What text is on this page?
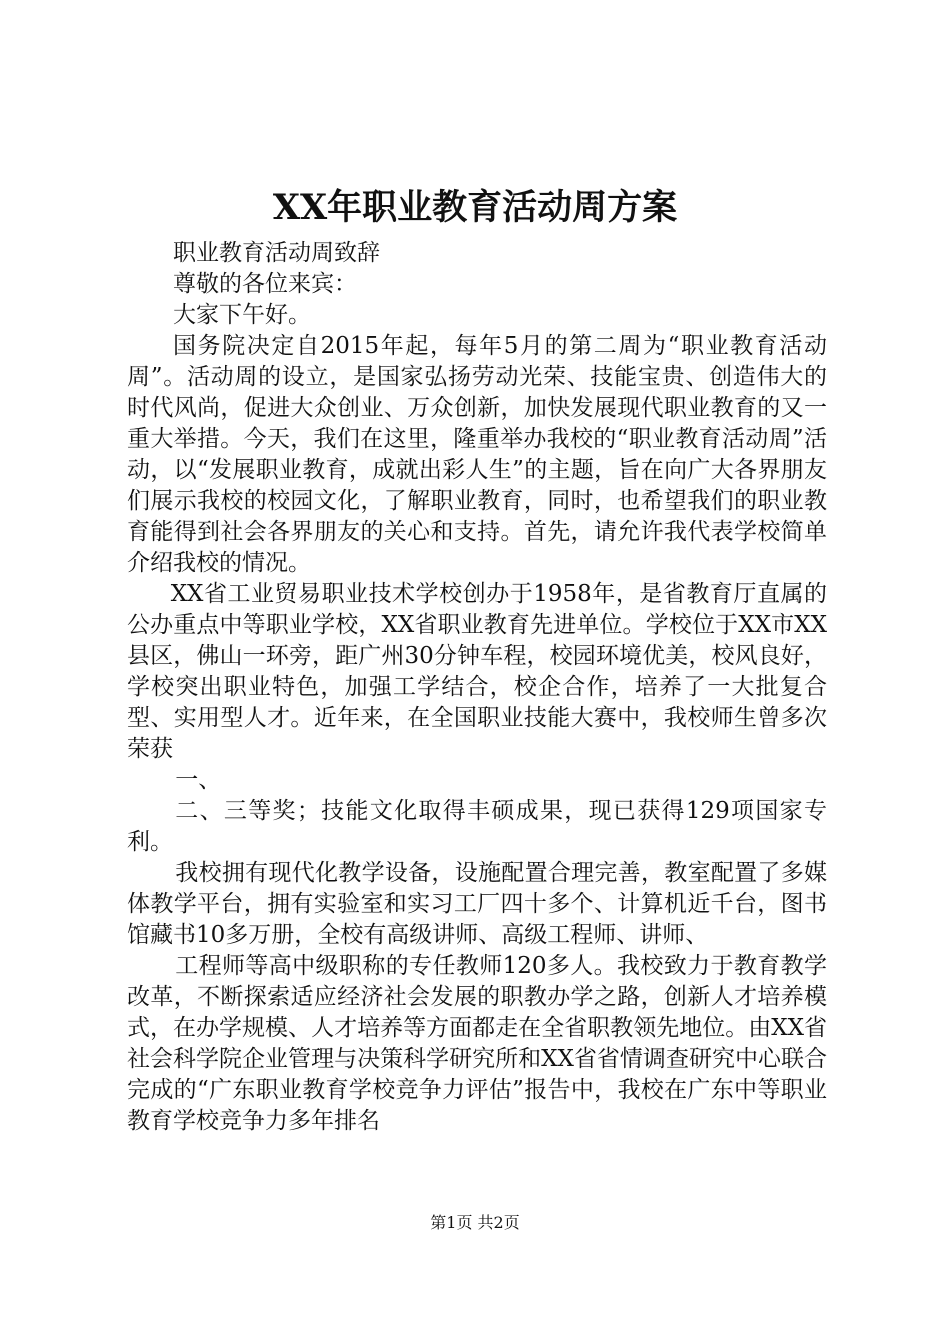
XX年职业教育活动周方案

职业教育活动周致辞

尊敬的各位来宾：

大家下午好。

国务院决定自2015年起，每年5月的第二周为“职业教育活动周”。活动周的设立，是国家弘扬劳动光荣、技能宝贵、创造伟大的时代风尚，促进大众创业、万众创新，加快发展现代职业教育的又一重大举措。今天，我们在这里，隆重举办我校的“职业教育活动周”活动，以“发展职业教育，成就出彩人生”的主题，旨在向广大各界朋友们展示我校的校园文化，了解职业教育，同时，也希望我们的职业教育能得到社会各界朋友的关心和支持。首先，请允许我代表学校简单介绍我校的情况。

XX省工业贸易职业技术学校创办于1958年，是省教育厅直属的公办重点中等职业学校，XX省职业教育先进单位。学校位于XX市XX县区，佛山一环旁，距广州30分钟车程，校园环境优美，校风良好，学校突出职业特色，加强工学结合，校企合作，培养了一大批复合型、实用型人才。近年来，在全国职业技能大赛中，我校师生曾多次荣获

一、

二、三等奖；技能文化取得丰硕成果，现已获得129项国家专利。

我校拥有现代化教学设备，设施配置合理完善，教室配置了多媒体教学平台，拥有实验室和实习工厂四十多个、计算机近千台，图书馆藏书10多万册，全校有高级讲师、高级工程师、讲师、

工程师等高中级职称的专任教师120多人。我校致力于教育教学改革，不断探索适应经济社会发展的职教办学之路，创新人才培养模式，在办学规模、人才培养等方面都走在全省职教领先地位。由XX省社会科学院企业管理与决策科学研究所和XX省省情调查研究中心联合完成的“广东职业教育学校竞争力评估”报告中，我校在广东中等职业教育学校竞争力多年排名

第1页 共2页
